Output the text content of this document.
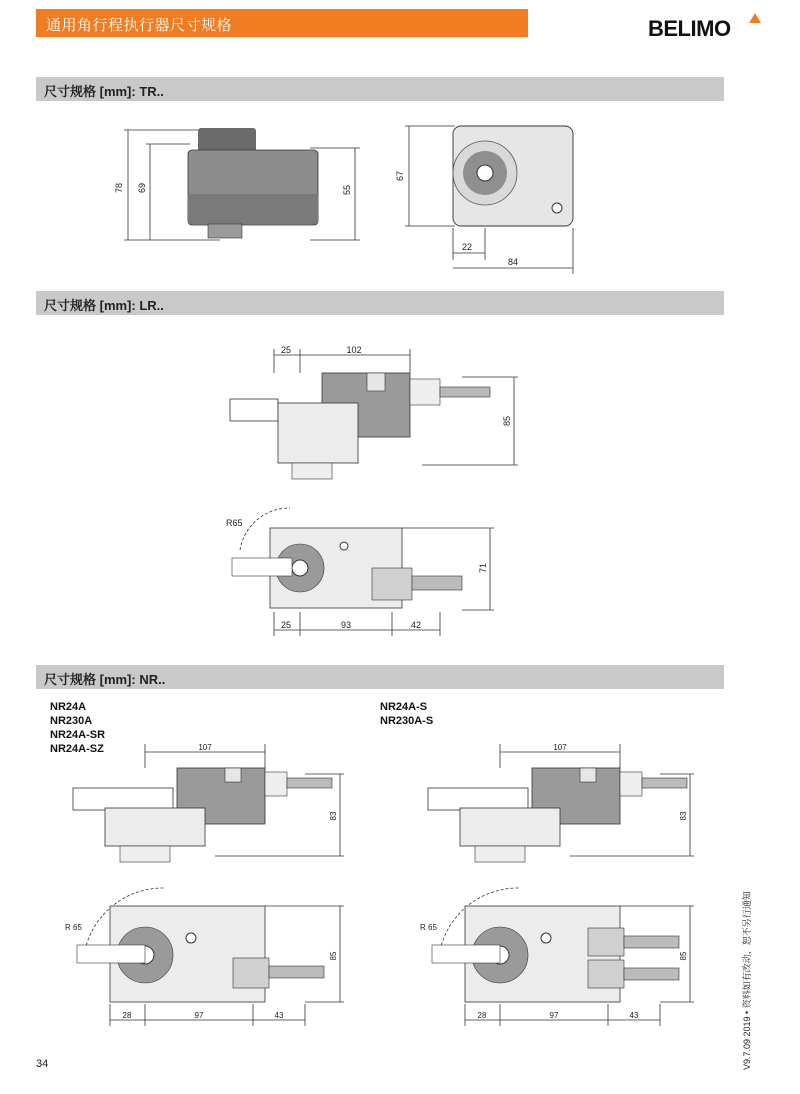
通用角行程执行器尺寸规格	BELIMO
尺寸规格 [mm]: TR..
78 69	55
67
22
84
尺寸规格 [mm]: LR..
25	102
85
R65
71
25	93	42
尺寸规格 [mm]: NR..
NR24A
NR230A
NR24A-SR
NR24A-SZ
NR24A-S
NR230A-S
107
83
R 65
85
28	97	43
107
83
R 65
85
28	97	43
34	V9.7.09 2019 • 资料如有改动，恕不另行通知
